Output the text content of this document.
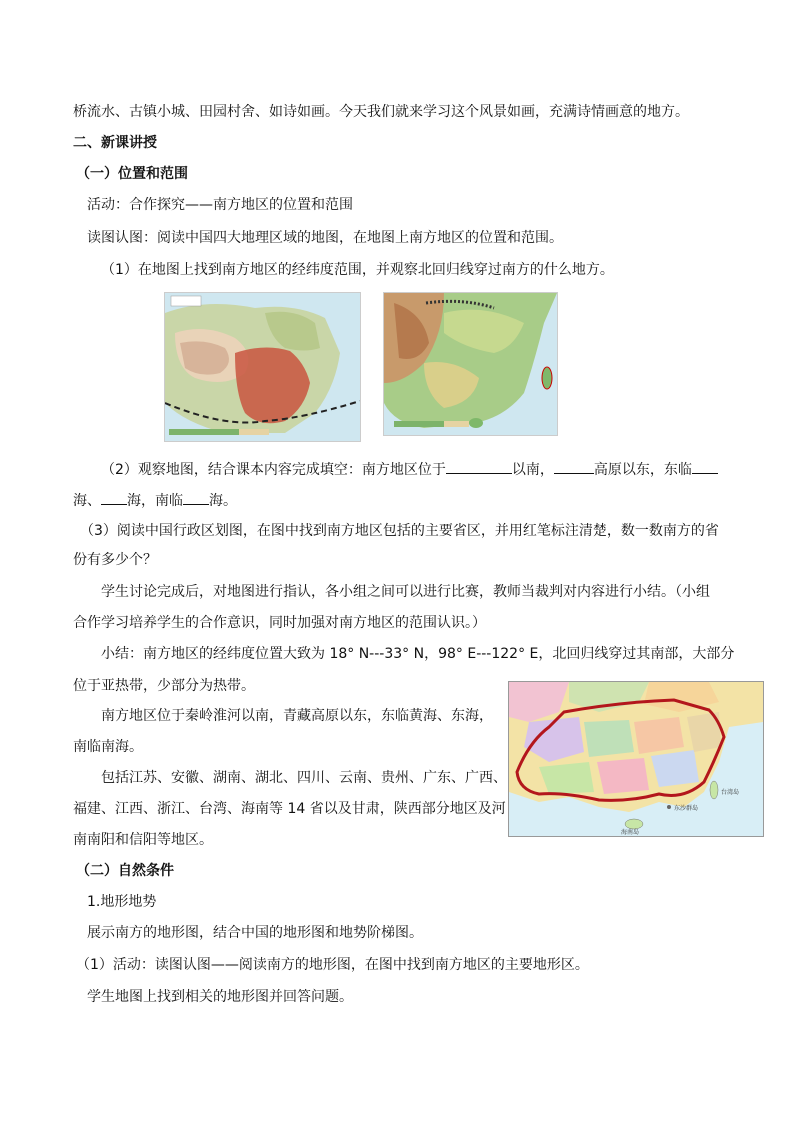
桥流水、古镇小城、田园村舍、如诗如画。今天我们就来学习这个风景如画，充满诗情画意的地方。
二、新课讲授
（一）位置和范围
活动：合作探究——南方地区的位置和范围
读图认图：阅读中国四大地理区域的地图，在地图上南方地区的位置和范围。
（1）在地图上找到南方地区的经纬度范围，并观察北回归线穿过南方的什么地方。
（2）观察地图，结合课本内容完成填空：南方地区位于	以南，	高原以东，东临
海、 海，南临 海。
（3）阅读中国行政区划图，在图中找到南方地区包括的主要省区，并用红笔标注清楚，数一数南方的省
份有多少个？
学生讨论完成后，对地图进行指认，各小组之间可以进行比赛，教师当裁判对内容进行小结。（小组
合作学习培养学生的合作意识，同时加强对南方地区的范围认识。）
小结：南方地区的经纬度位置大致为 18° N---33° N，98° E---122° E，北回归线穿过其南部，大部分
位于亚热带，少部分为热带。
南方地区位于秦岭淮河以南，青藏高原以东，东临黄海、东海，
南临南海。
包括江苏、安徽、湖南、湖北、四川、云南、贵州、广东、广西、
福建、江西、浙江、台湾、海南等 14 省以及甘肃，陕西部分地区及河
南南阳和信阳等地区。
台湾岛
海南岛
东沙群岛
（二）自然条件
1.地形地势
展示南方的地形图，结合中国的地形图和地势阶梯图。
（1）活动：读图认图——阅读南方的地形图，在图中找到南方地区的主要地形区。
学生地图上找到相关的地形图并回答问题。
